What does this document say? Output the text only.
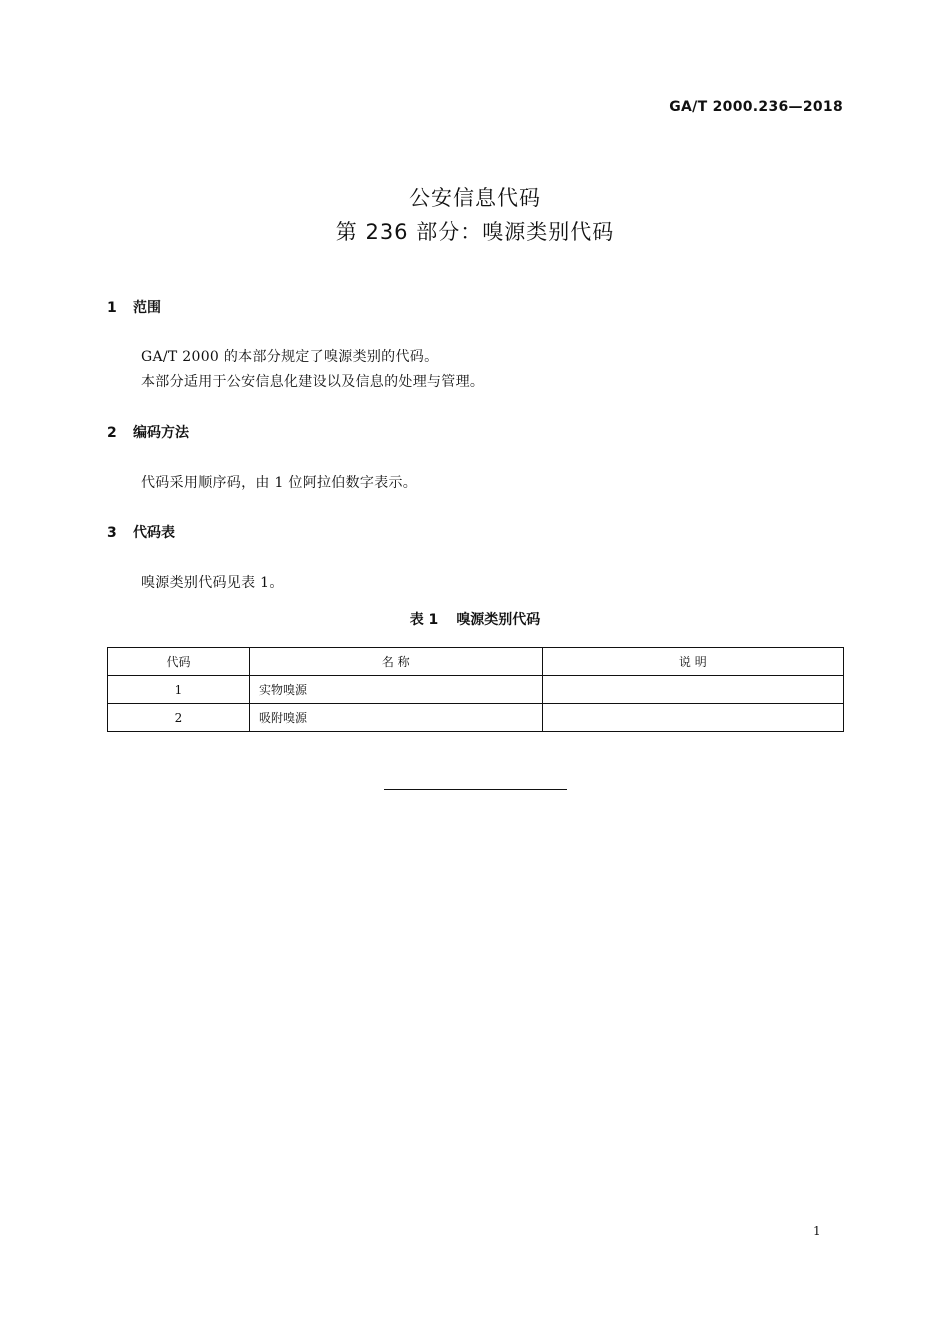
GA/T 2000.236—2018
公安信息代码
第 236 部分：嗅源类别代码
1 范围
GA/T 2000 的本部分规定了嗅源类别的代码。
本部分适用于公安信息化建设以及信息的处理与管理。
2 编码方法
代码采用顺序码，由 1 位阿拉伯数字表示。
3 代码表
嗅源类别代码见表 1。
表 1 嗅源类别代码
代码	名 称	说 明
1	实物嗅源	
2	吸附嗅源	
1
